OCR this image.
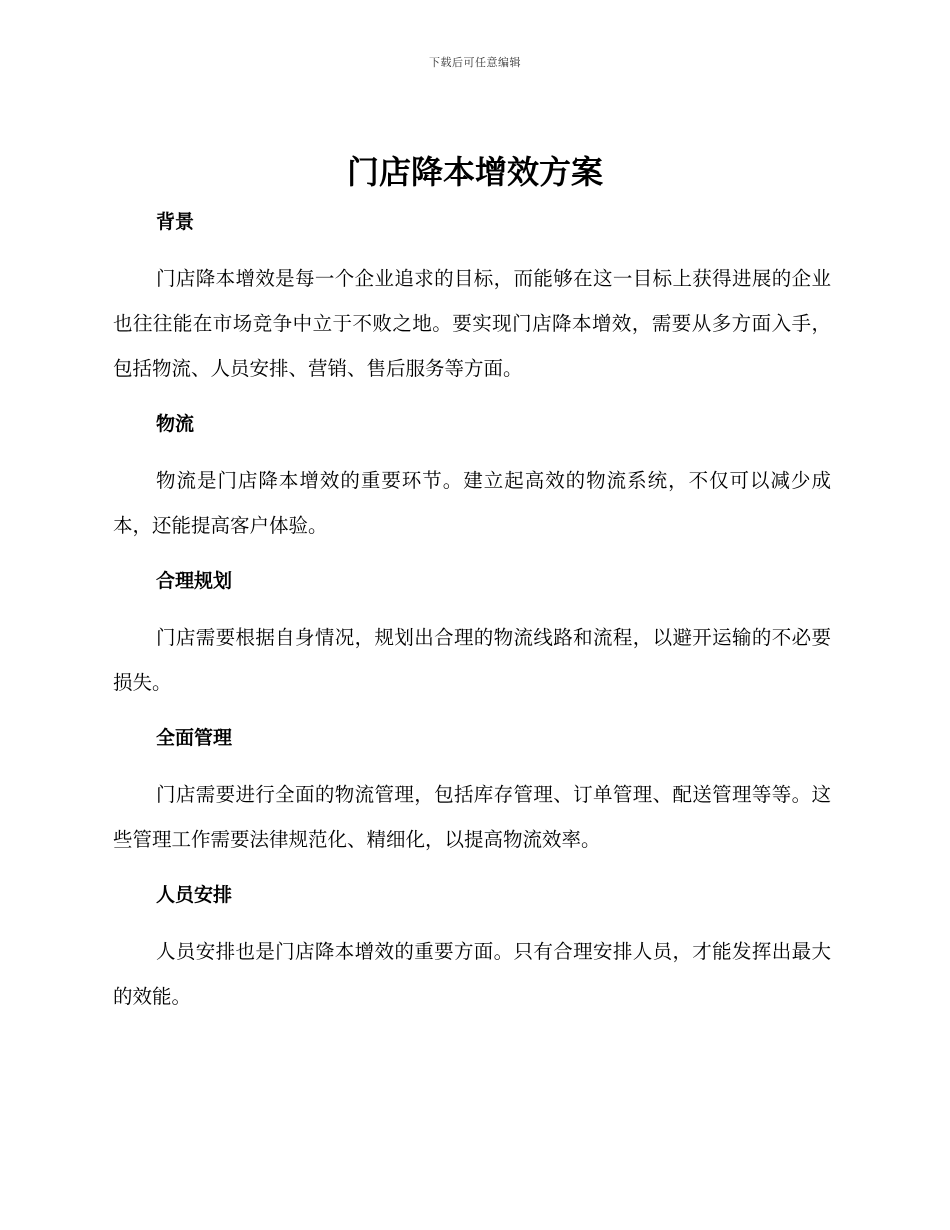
下载后可任意编辑
门店降本增效方案
背景

门店降本增效是每一个企业追求的目标，而能够在这一目标上获得进展的企业也往往能在市场竞争中立于不败之地。要实现门店降本增效，需要从多方面入手，包括物流、人员安排、营销、售后服务等方面。

物流

物流是门店降本增效的重要环节。建立起高效的物流系统，不仅可以减少成本，还能提高客户体验。

合理规划

门店需要根据自身情况，规划出合理的物流线路和流程，以避开运输的不必要损失。

全面管理

门店需要进行全面的物流管理，包括库存管理、订单管理、配送管理等等。这些管理工作需要法律规范化、精细化，以提高物流效率。

人员安排

人员安排也是门店降本增效的重要方面。只有合理安排人员，才能发挥出最大的效能。
